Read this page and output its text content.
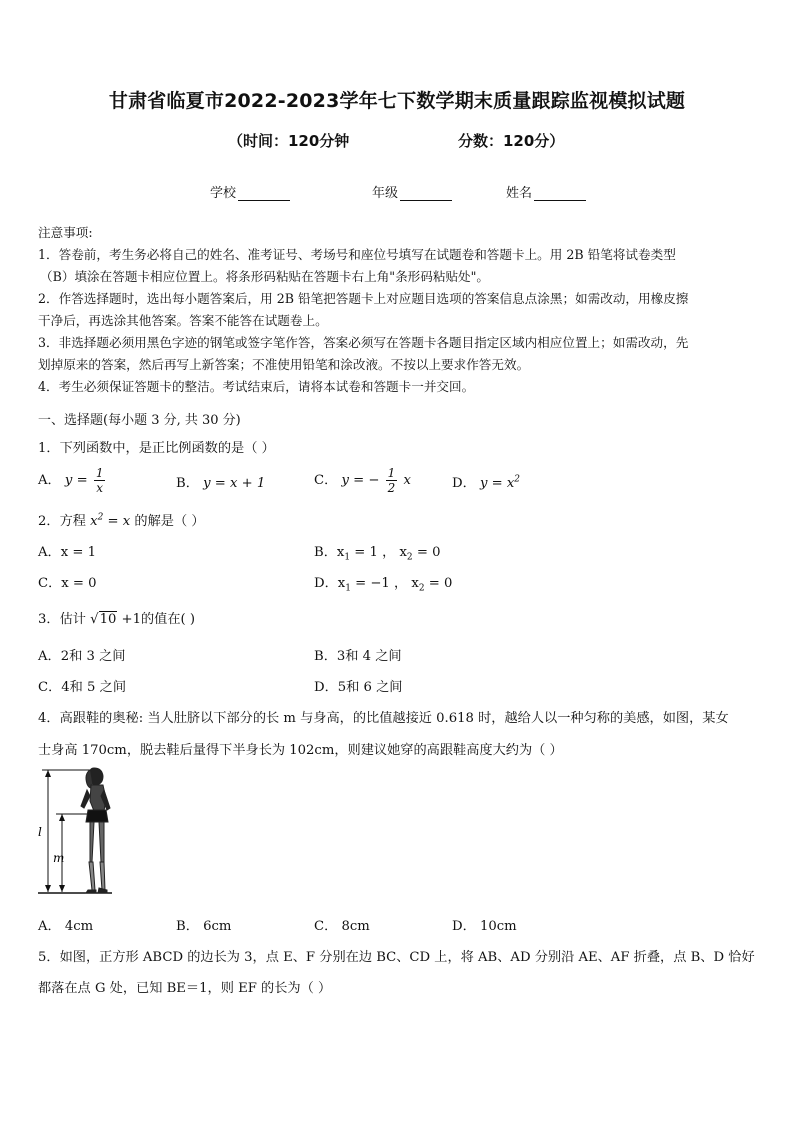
甘肃省临夏市2022-2023学年七下数学期末质量跟踪监视模拟试题
（时间：120分钟	分数：120分）
学校	年级	姓名
注意事项:
1．答卷前，考生务必将自己的姓名、准考证号、考场号和座位号填写在试题卷和答题卡上。用 2B 铅笔将试卷类型
（B）填涂在答题卡相应位置上。将条形码粘贴在答题卡右上角"条形码粘贴处"。
2．作答选择题时，选出每小题答案后，用 2B 铅笔把答题卡上对应题目选项的答案信息点涂黑；如需改动，用橡皮擦
干净后，再选涂其他答案。答案不能答在试题卷上。
3．非选择题必须用黑色字迹的钢笔或签字笔作答，答案必须写在答题卡各题目指定区域内相应位置上；如需改动，先
划掉原来的答案，然后再写上新答案；不准使用铅笔和涂改液。不按以上要求作答无效。
4．考生必须保证答题卡的整洁。考试结束后，请将本试卷和答题卡一并交回。
一、选择题(每小题 3 分, 共 30 分)
1．下列函数中，是正比例函数的是（ ）
A． $y = \frac{1}{x}$	B． y = x + 1	C． y = − $\frac{1}{2}$ x	D． $y = x^2$
2．方程 $x^2 = x$ 的解是（ ）
A．x = 1	B．$x_1 = 1$ ， $x_2 = 0$
C．x = 0	D．$x_1 = -1$ ， $x_2 = 0$
3．估计 √10 +1的值在( )
A．2和 3 之间	B．3和 4 之间
C．4和 5 之间	D．5和 6 之间
4．高跟鞋的奥秘: 当人肚脐以下部分的长 m 与身高，的比值越接近 0.618 时，越给人以一种匀称的美感，如图，某女
士身高 170cm，脱去鞋后量得下半身长为 102cm，则建议她穿的高跟鞋高度大约为（ ）
l
m
A． 4cm	B． 6cm	C． 8cm	D． 10cm
5．如图，正方形 ABCD 的边长为 3，点 E、F 分别在边 BC、CD 上，将 AB、AD 分别沿 AE、AF 折叠，点 B、D 恰好
都落在点 G 处，已知 BE＝1，则 EF 的长为（ ）
